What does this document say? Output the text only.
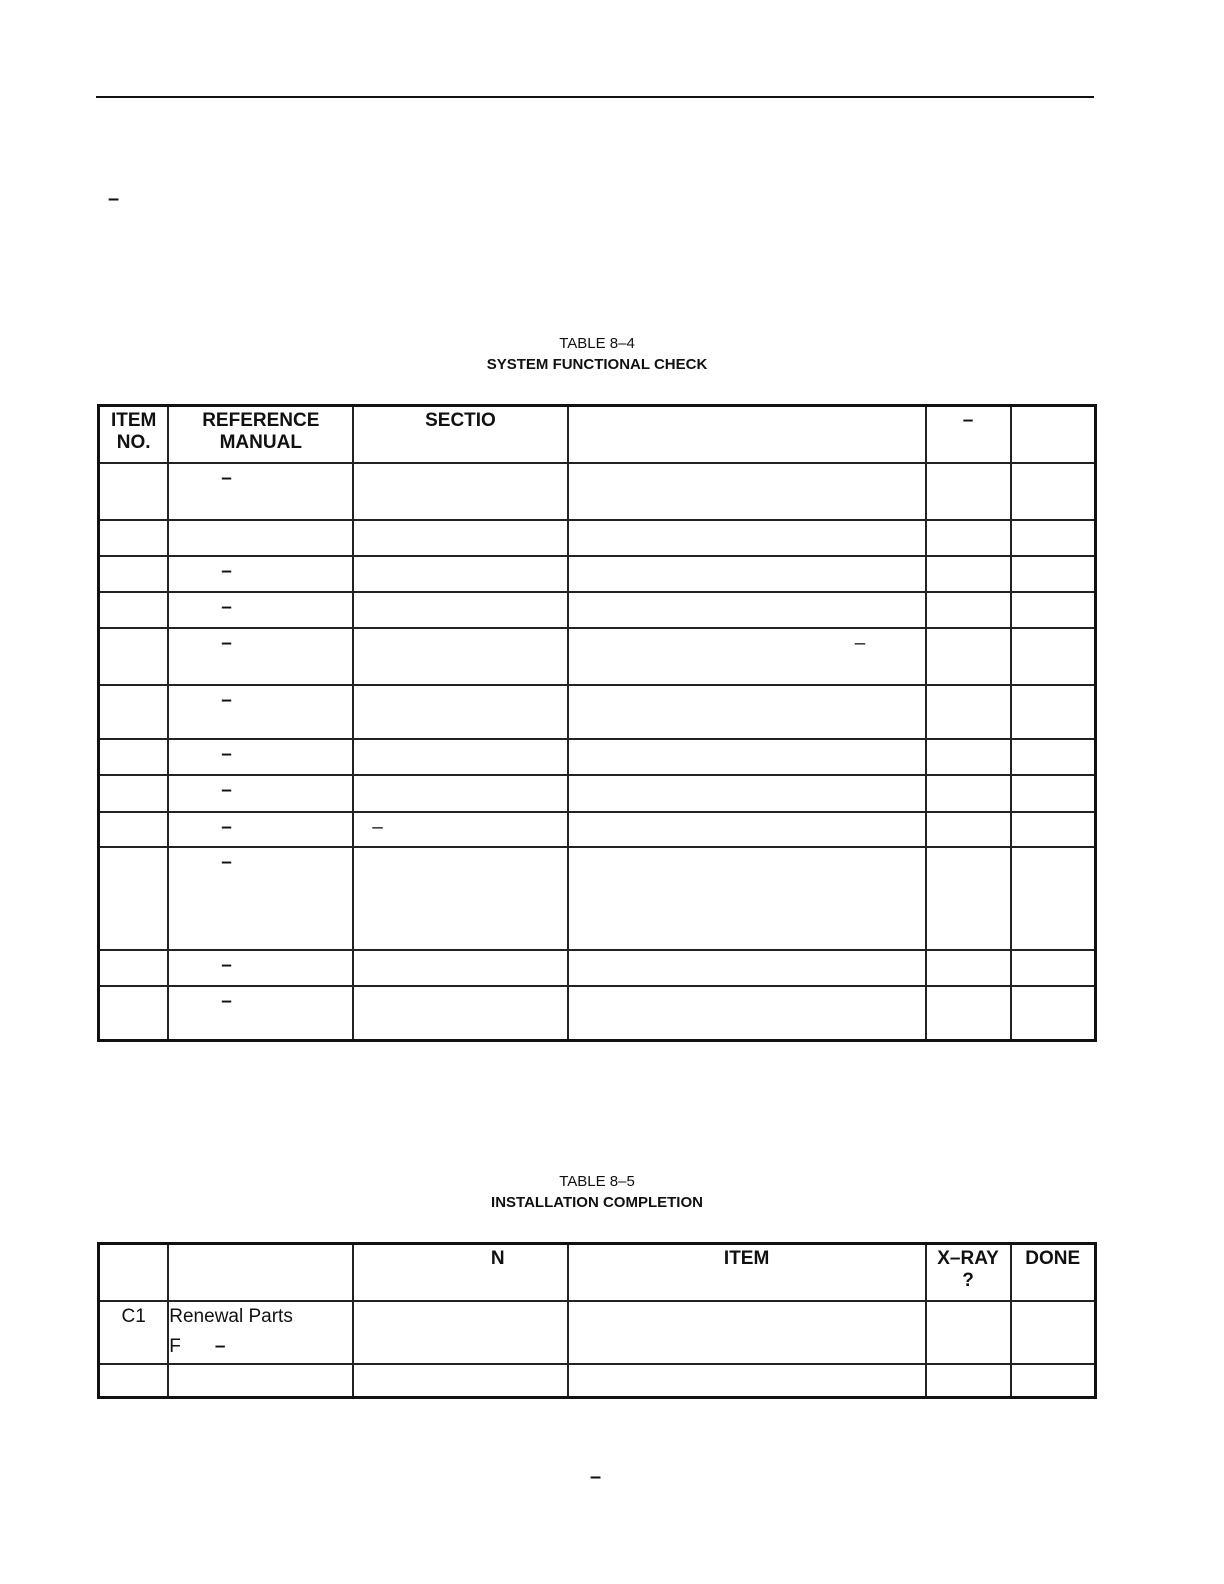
–
TABLE 8–4
SYSTEM FUNCTIONAL CHECK
ITEM NO.	REFERENCE MANUAL	SECTIO		–	
	–				

	–				
	–				
	–		–		
	–				
	–				
	–				
	–	–			
	–				
	–				
	–				
TABLE 8–5
INSTALLATION COMPLETION
		N	ITEM	X–RAY ?	DONE
C1	Renewal Parts
F –				

–
